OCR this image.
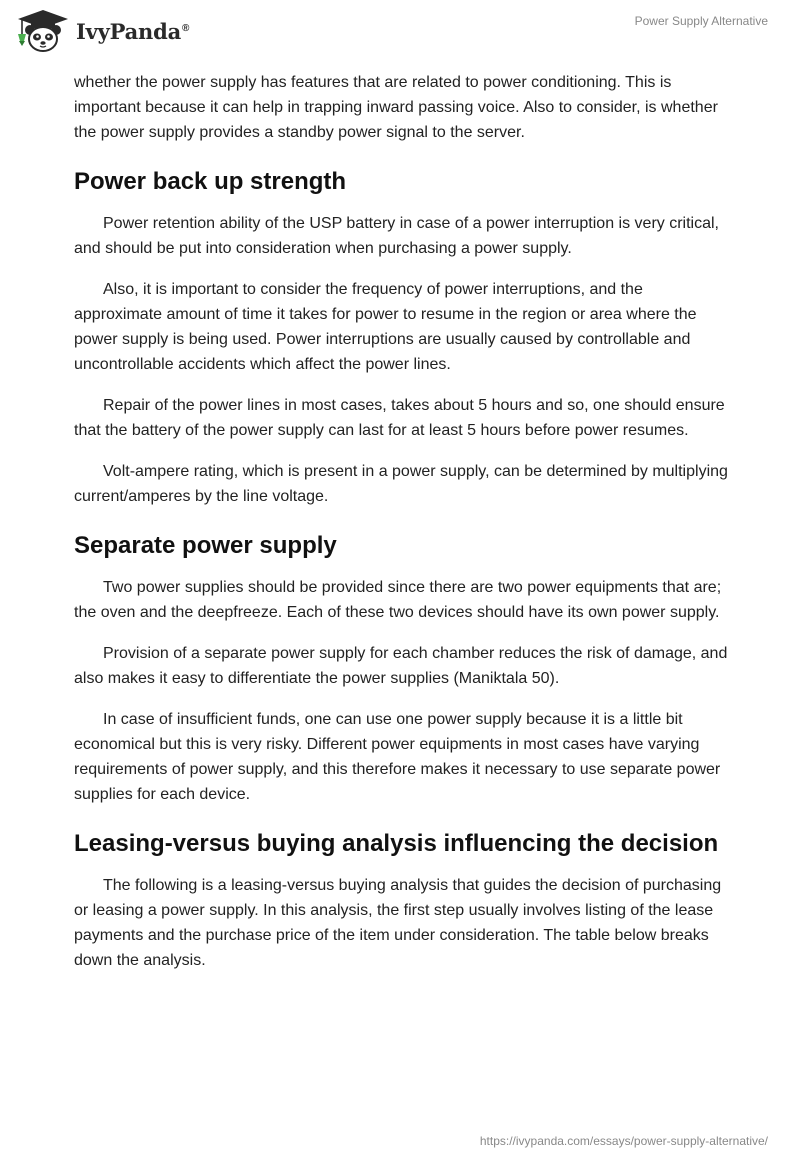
IvyPanda®	Power Supply Alternative

whether the power supply has features that are related to power conditioning. This is important because it can help in trapping inward passing voice. Also to consider, is whether the power supply provides a standby power signal to the server.

Power back up strength

Power retention ability of the USP battery in case of a power interruption is very critical, and should be put into consideration when purchasing a power supply.

Also, it is important to consider the frequency of power interruptions, and the approximate amount of time it takes for power to resume in the region or area where the power supply is being used. Power interruptions are usually caused by controllable and uncontrollable accidents which affect the power lines.

Repair of the power lines in most cases, takes about 5 hours and so, one should ensure that the battery of the power supply can last for at least 5 hours before power resumes.

Volt-ampere rating, which is present in a power supply, can be determined by multiplying current/amperes by the line voltage.

Separate power supply

Two power supplies should be provided since there are two power equipments that are; the oven and the deepfreeze. Each of these two devices should have its own power supply.

Provision of a separate power supply for each chamber reduces the risk of damage, and also makes it easy to differentiate the power supplies (Maniktala 50).

In case of insufficient funds, one can use one power supply because it is a little bit economical but this is very risky. Different power equipments in most cases have varying requirements of power supply, and this therefore makes it necessary to use separate power supplies for each device.

Leasing-versus buying analysis influencing the decision

The following is a leasing-versus buying analysis that guides the decision of purchasing or leasing a power supply. In this analysis, the first step usually involves listing of the lease payments and the purchase price of the item under consideration. The table below breaks down the analysis.

https://ivypanda.com/essays/power-supply-alternative/
